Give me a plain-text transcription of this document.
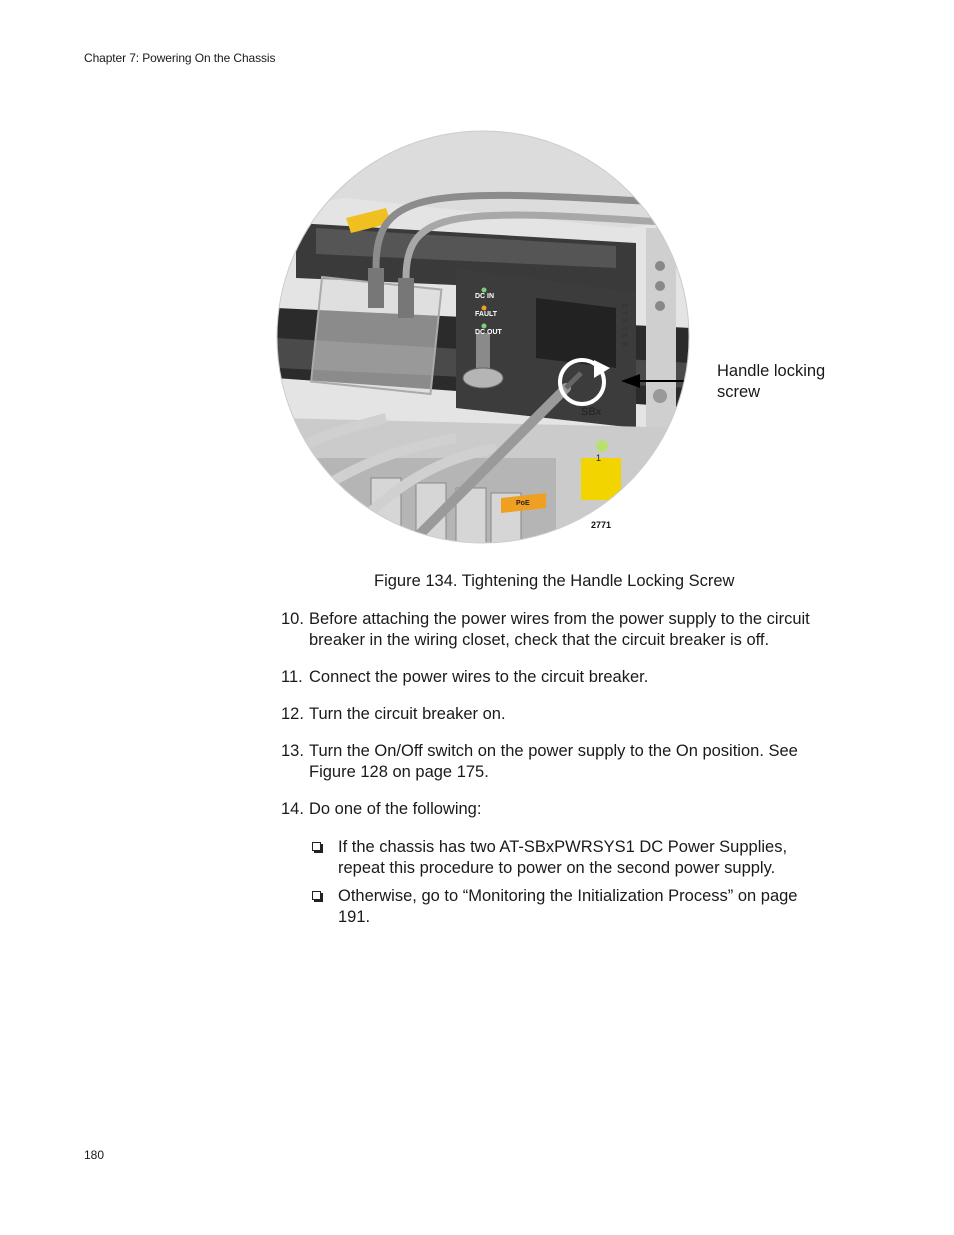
Chapter 7: Powering On the Chassis
DC IN
FAULT
DC OUT	SYSTEM
SBx
1
PoE
2771
Handle locking screw
Figure 134. Tightening the Handle Locking Screw
10. Before attaching the power wires from the power supply to the circuit breaker in the wiring closet, check that the circuit breaker is off.
11. Connect the power wires to the circuit breaker.
12. Turn the circuit breaker on.
13. Turn the On/Off switch on the power supply to the On position. See Figure 128 on page 175.
14. Do one of the following:
If the chassis has two AT-SBxPWRSYS1 DC Power Supplies, repeat this procedure to power on the second power supply.
Otherwise, go to “Monitoring the Initialization Process” on page 191.
180
